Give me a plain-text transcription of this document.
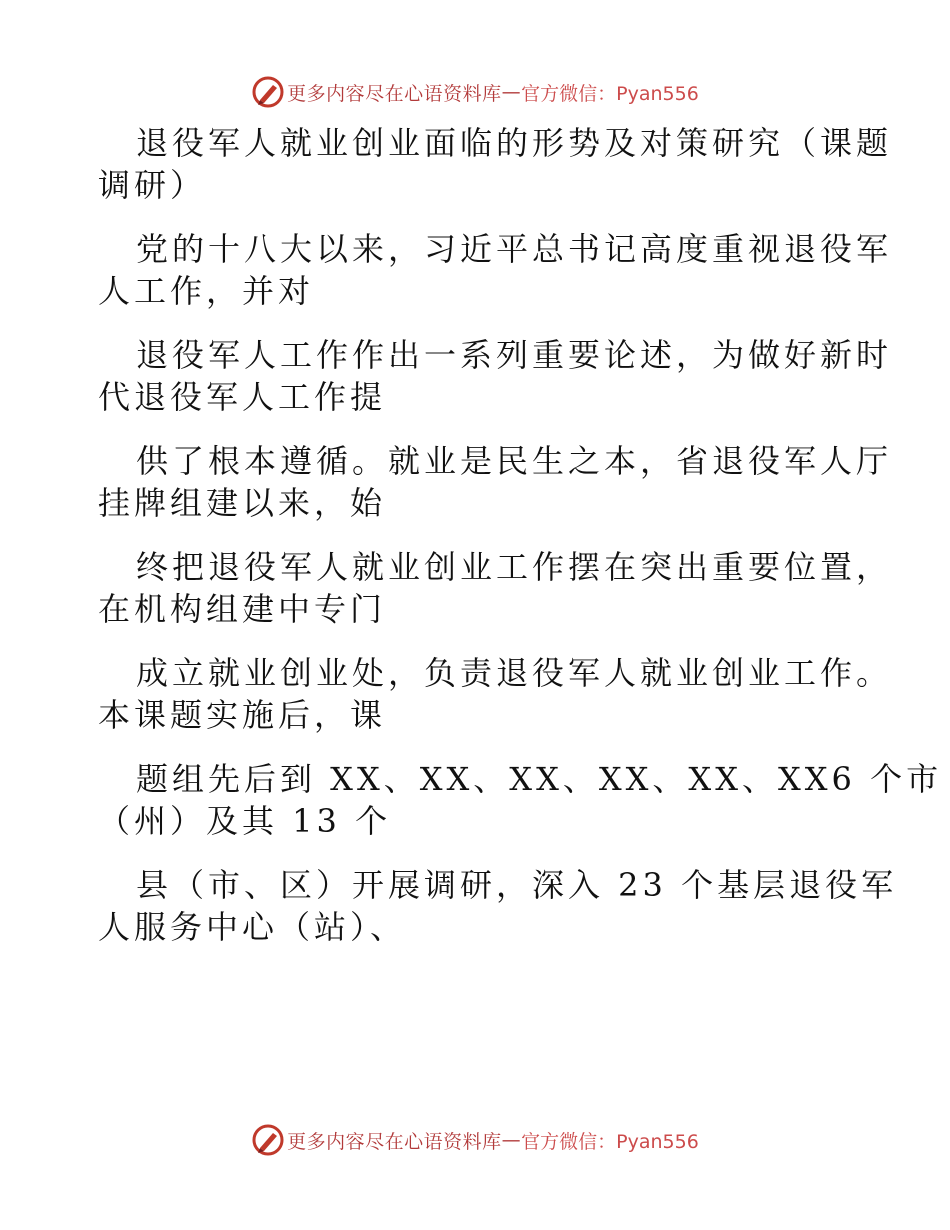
更多内容尽在心语资料库 — 官方微信：Pyan556
退役军人就业创业面临的形势及对策研究（课题
调研）
党的十八大以来，习近平总书记高度重视退役军
人工作，并对
退役军人工作作出一系列重要论述，为做好新时
代退役军人工作提
供了根本遵循。就业是民生之本，省退役军人厅
挂牌组建以来，始
终把退役军人就业创业工作摆在突出重要位置，
在机构组建中专门
成立就业创业处，负责退役军人就业创业工作。
本课题实施后，课
题组先后到 XX、XX、XX、XX、XX、XX6 个市
（州）及其 13 个
县（市、区）开展调研，深入 23 个基层退役军
人服务中心（站）、
更多内容尽在心语资料库 — 官方微信：Pyan556
